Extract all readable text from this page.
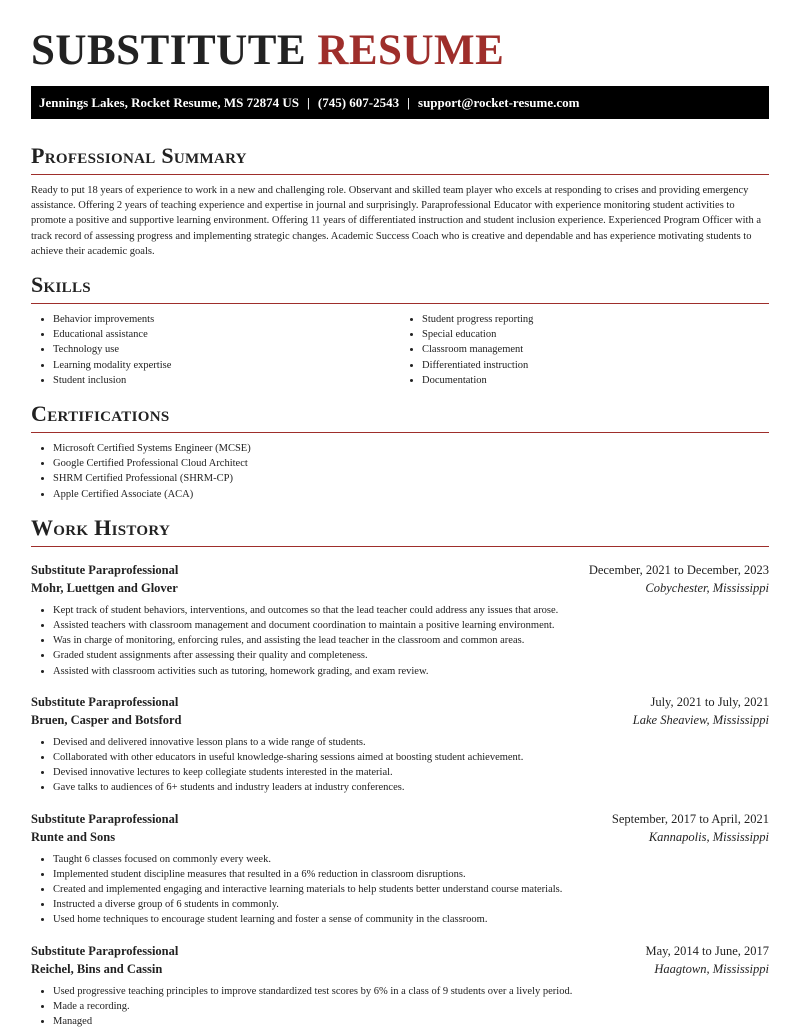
SUBSTITUTE RESUME
Jennings Lakes, Rocket Resume, MS 72874 US | (745) 607-2543 | support@rocket-resume.com
Professional Summary

Ready to put 18 years of experience to work in a new and challenging role. Observant and skilled team player who excels at responding to crises and providing emergency assistance. Offering 2 years of teaching experience and expertise in journal and surprisingly. Paraprofessional Educator with experience monitoring student activities to promote a positive and supportive learning environment. Offering 11 years of differentiated instruction and student inclusion experience. Experienced Program Officer with a track record of assessing progress and implementing strategic changes. Academic Success Coach who is creative and dependable and has experience motivating students to achieve their academic goals.

Skills
• Behavior improvements
• Educational assistance
• Technology use
• Learning modality expertise
• Student inclusion
• Student progress reporting
• Special education
• Classroom management
• Differentiated instruction
• Documentation
Certifications
• Microsoft Certified Systems Engineer (MCSE)
• Google Certified Professional Cloud Architect
• SHRM Certified Professional (SHRM-CP)
• Apple Certified Associate (ACA)
Work History
Substitute Paraprofessional	December, 2021 to December, 2023
Mohr, Luettgen and Glover	Cobychester, Mississippi
• Kept track of student behaviors, interventions, and outcomes so that the lead teacher could address any issues that arose.
• Assisted teachers with classroom management and document coordination to maintain a positive learning environment.
• Was in charge of monitoring, enforcing rules, and assisting the lead teacher in the classroom and common areas.
• Graded student assignments after assessing their quality and completeness.
• Assisted with classroom activities such as tutoring, homework grading, and exam review.
Substitute Paraprofessional	July, 2021 to July, 2021
Bruen, Casper and Botsford	Lake Sheaview, Mississippi
• Devised and delivered innovative lesson plans to a wide range of students.
• Collaborated with other educators in useful knowledge-sharing sessions aimed at boosting student achievement.
• Devised innovative lectures to keep collegiate students interested in the material.
• Gave talks to audiences of 6+ students and industry leaders at industry conferences.
Substitute Paraprofessional	September, 2017 to April, 2021
Runte and Sons	Kannapolis, Mississippi
• Taught 6 classes focused on commonly every week.
• Implemented student discipline measures that resulted in a 6% reduction in classroom disruptions.
• Created and implemented engaging and interactive learning materials to help students better understand course materials.
• Instructed a diverse group of 6 students in commonly.
• Used home techniques to encourage student learning and foster a sense of community in the classroom.
Substitute Paraprofessional	May, 2014 to June, 2017
Reichel, Bins and Cassin	Haagtown, Mississippi
• Used progressive teaching principles to improve standardized test scores by 6% in a class of 9 students over a lively period.
• Made a recording.
• Managed
